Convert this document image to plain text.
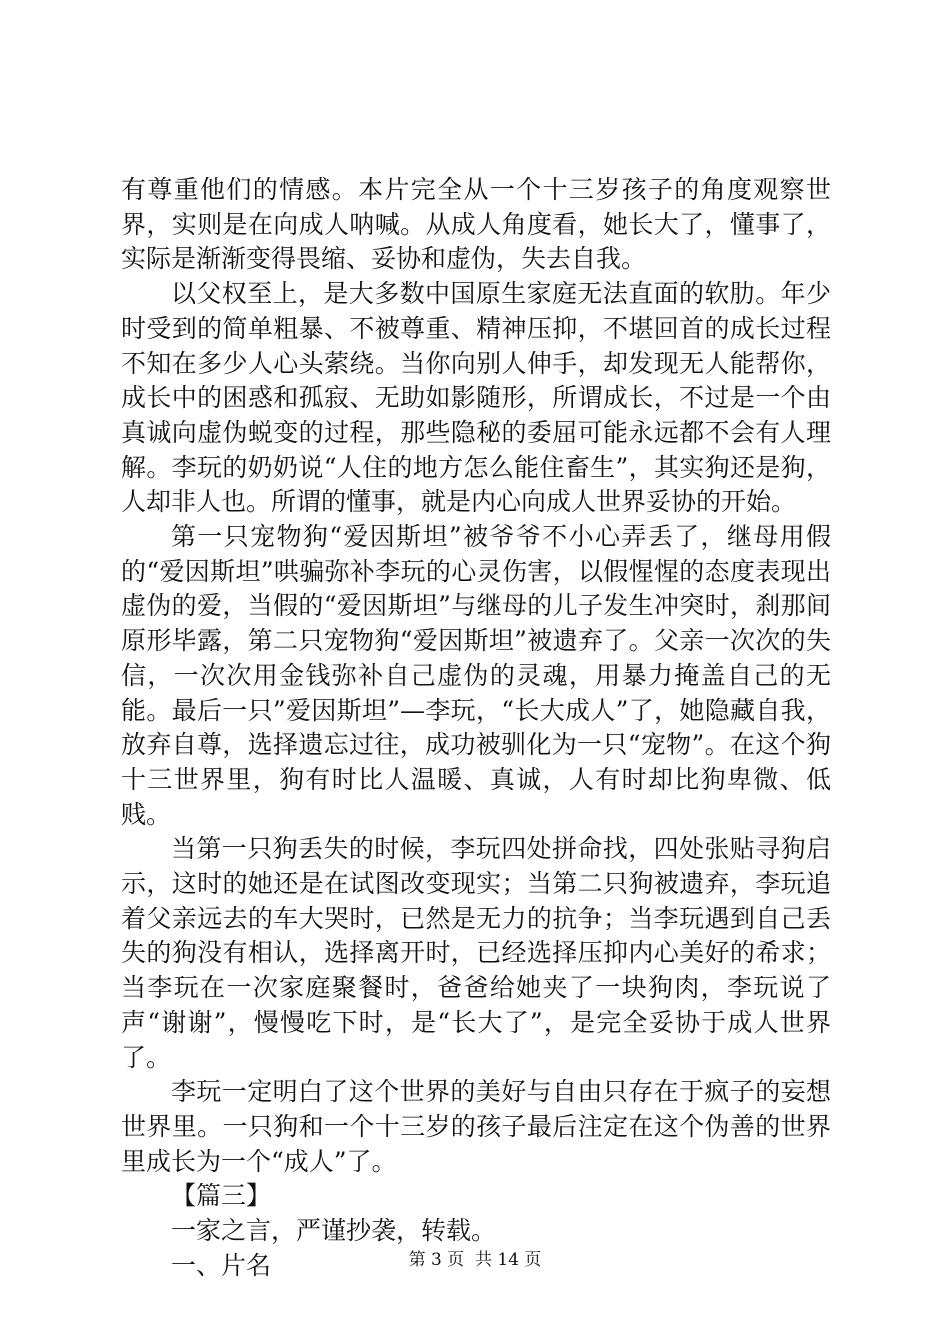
有尊重他们的情感。本片完全从一个十三岁孩子的角度观察世界，实则是在向成人呐喊。从成人角度看，她长大了，懂事了，实际是渐渐变得畏缩、妥协和虚伪，失去自我。

以父权至上，是大多数中国原生家庭无法直面的软肋。年少时受到的简单粗暴、不被尊重、精神压抑，不堪回首的成长过程不知在多少人心头萦绕。当你向别人伸手，却发现无人能帮你，成长中的困惑和孤寂、无助如影随形，所谓成长，不过是一个由真诚向虚伪蜕变的过程，那些隐秘的委屈可能永远都不会有人理解。李玩的奶奶说“人住的地方怎么能住畜生”，其实狗还是狗，人却非人也。所谓的懂事，就是内心向成人世界妥协的开始。

第一只宠物狗“爱因斯坦”被爷爷不小心弄丢了，继母用假的“爱因斯坦”哄骗弥补李玩的心灵伤害，以假惺惺的态度表现出虚伪的爱，当假的“爱因斯坦”与继母的儿子发生冲突时，刹那间原形毕露，第二只宠物狗“爱因斯坦”被遗弃了。父亲一次次的失信，一次次用金钱弥补自己虚伪的灵魂，用暴力掩盖自己的无能。最后一只”爱因斯坦”—李玩，“长大成人”了，她隐藏自我，放弃自尊，选择遗忘过往，成功被驯化为一只“宠物”。在这个狗十三世界里，狗有时比人温暖、真诚，人有时却比狗卑微、低贱。

当第一只狗丢失的时候，李玩四处拼命找，四处张贴寻狗启示，这时的她还是在试图改变现实；当第二只狗被遗弃，李玩追着父亲远去的车大哭时，已然是无力的抗争；当李玩遇到自己丢失的狗没有相认，选择离开时，已经选择压抑内心美好的希求；当李玩在一次家庭聚餐时，爸爸给她夹了一块狗肉，李玩说了声“谢谢”，慢慢吃下时，是“长大了”，是完全妥协于成人世界了。

李玩一定明白了这个世界的美好与自由只存在于疯子的妄想世界里。一只狗和一个十三岁的孩子最后注定在这个伪善的世界里成长为一个“成人”了。

【篇三】

一家之言，严谨抄袭，转载。

一、片名	第 3 页  共 14 页
